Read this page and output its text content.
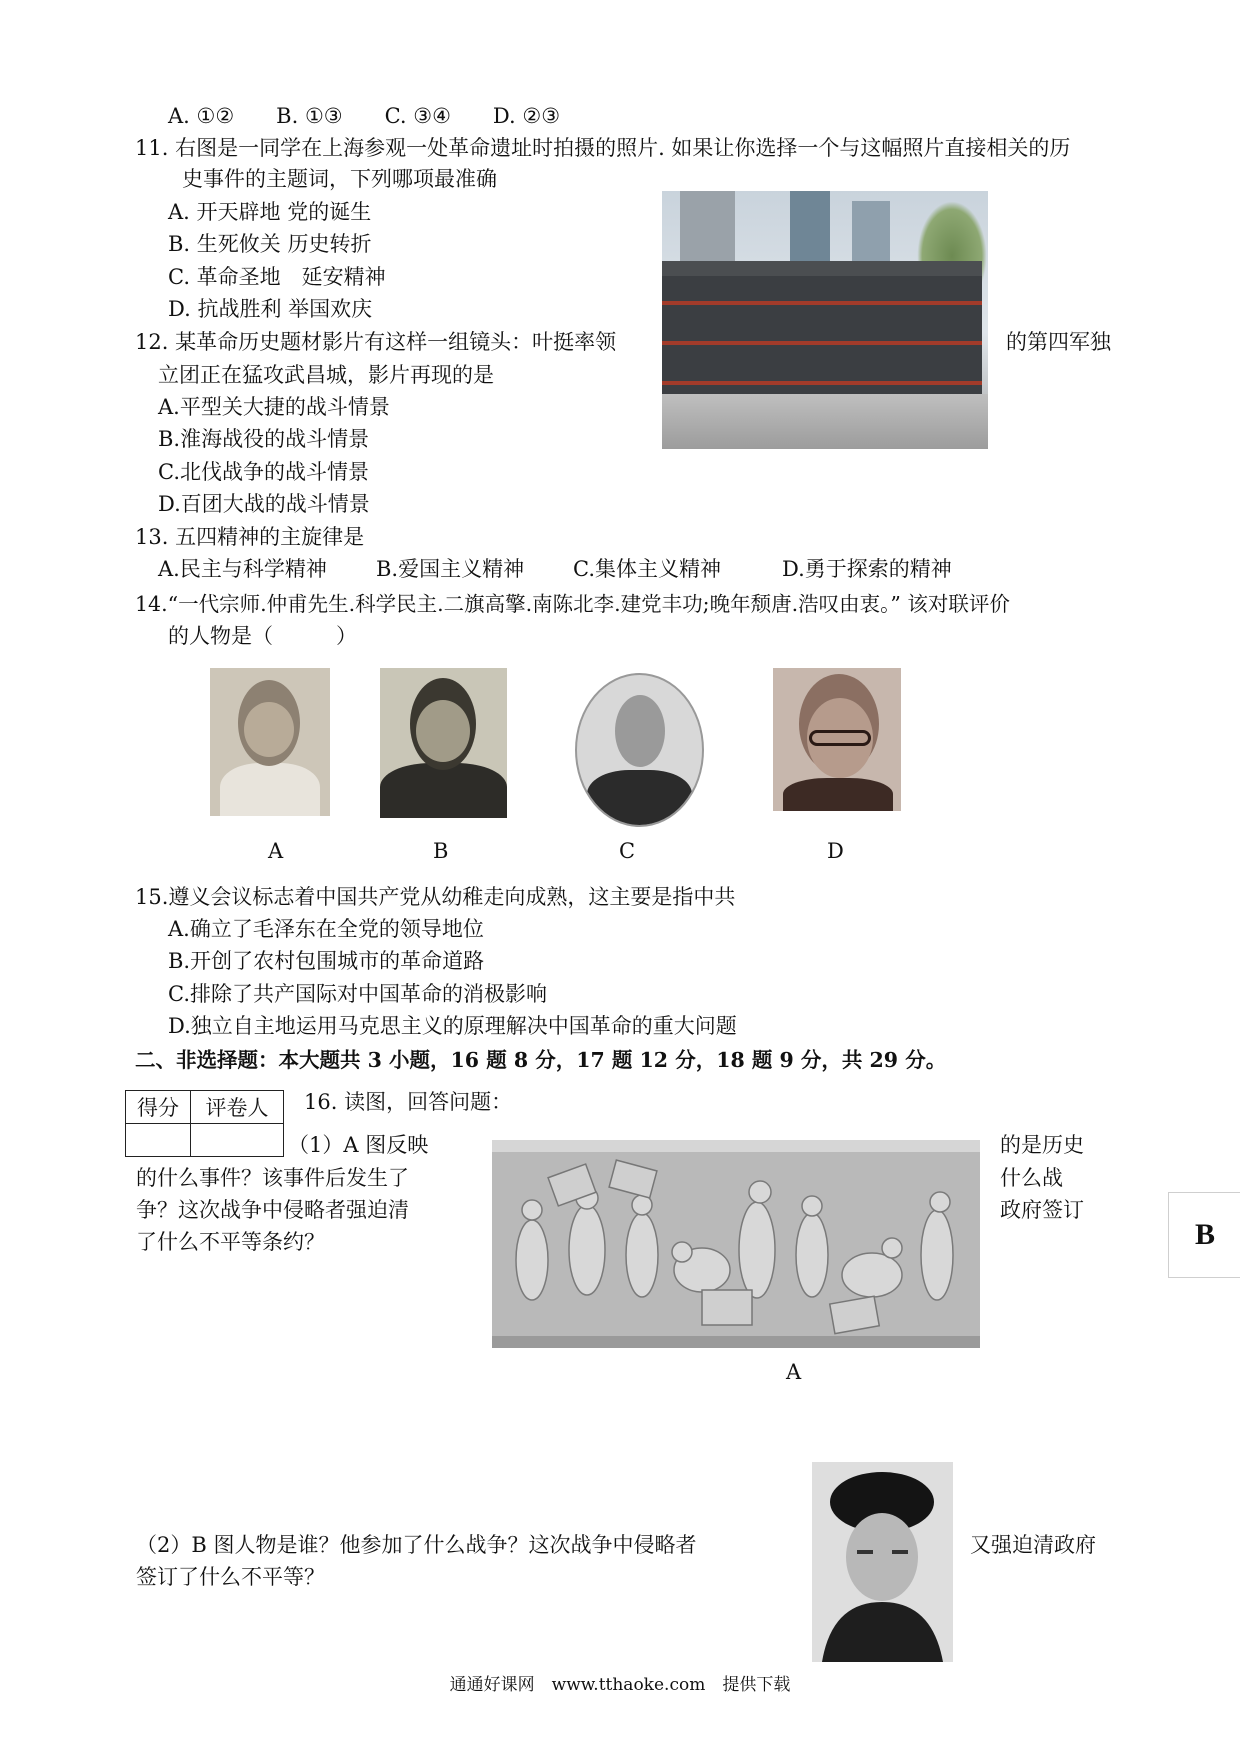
A. ①②　　B. ①③　　C. ③④　　D. ②③
11. 右图是一同学在上海参观一处革命遗址时拍摄的照片. 如果让你选择一个与这幅照片直接相关的历
史事件的主题词，下列哪项最准确
A. 开天辟地 党的诞生
B. 生死攸关 历史转折
C. 革命圣地　延安精神
D. 抗战胜利 举国欢庆
12. 某革命历史题材影片有这样一组镜头：叶挺率领	的第四军独
立团正在猛攻武昌城，影片再现的是
A.平型关大捷的战斗情景
B.淮海战役的战斗情景
C.北伐战争的战斗情景
D.百团大战的战斗情景
13. 五四精神的主旋律是
A.民主与科学精神 B.爱国主义精神 C.集体主义精神	D.勇于探索的精神
14.“一代宗师.仲甫先生.科学民主.二旗高擎.南陈北李.建党丰功;晚年颓唐.浩叹由衷。” 该对联评价
的人物是（　　　）
A	B	C	D
15.遵义会议标志着中国共产党从幼稚走向成熟，这主要是指中共
A.确立了毛泽东在全党的领导地位
B.开创了农村包围城市的革命道路
C.排除了共产国际对中国革命的消极影响
D.独立自主地运用马克思主义的原理解决中国革命的重大问题
二、非选择题：本大题共 3 小题，16 题 8 分，17 题 12 分，18 题 9 分，共 29 分。
得分	评卷人
	16. 读图，回答问题：
（1）A 图反映	的是历史
的什么事件？该事件后发生了	什么战
争？这次战争中侵略者强迫清	政府签订
了什么不平等条约？
A
（2）B 图人物是谁？他参加了什么战争？这次战争中侵略者	又强迫清政府
签订了什么不平等？
B
通通好课网　www.tthaoke.com　提供下载
